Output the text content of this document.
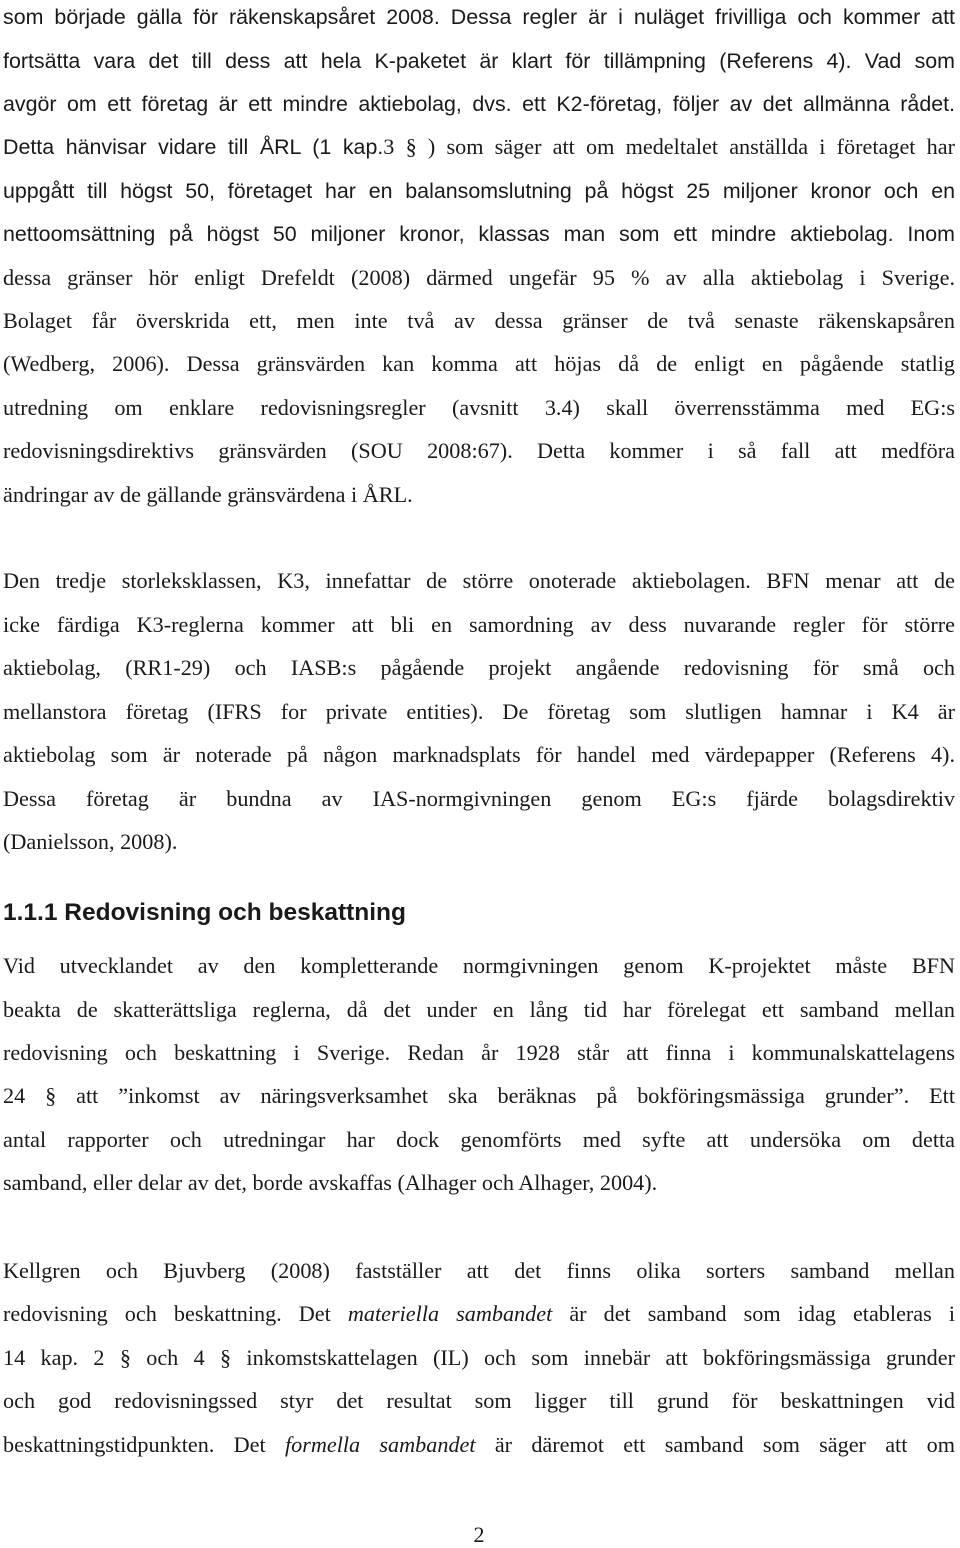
som började gälla för räkenskapsåret 2008. Dessa regler är i nuläget frivilliga och kommer att
fortsätta vara det till dess att hela K-paketet är klart för tillämpning (Referens 4). Vad som
avgör om ett företag är ett mindre aktiebolag, dvs. ett K2-företag, följer av det allmänna rådet.
Detta hänvisar vidare till ÅRL (1 kap.3 § ) som säger att om medeltalet anställda i företaget har
uppgått till högst 50, företaget har en balansomslutning på högst 25 miljoner kronor och en
nettoomsättning på högst 50 miljoner kronor, klassas man som ett mindre aktiebolag. Inom
dessa gränser hör enligt Drefeldt (2008) därmed ungefär 95 % av alla aktiebolag i Sverige.
Bolaget får överskrida ett, men inte två av dessa gränser de två senaste räkenskapsåren
(Wedberg, 2006). Dessa gränsvärden kan komma att höjas då de enligt en pågående statlig
utredning om enklare redovisningsregler (avsnitt 3.4) skall överrensstämma med EG:s
redovisningsdirektivs gränsvärden (SOU 2008:67). Detta kommer i så fall att medföra
ändringar av de gällande gränsvärdena i ÅRL.
Den tredje storleksklassen, K3, innefattar de större onoterade aktiebolagen. BFN menar att de
icke färdiga K3-reglerna kommer att bli en samordning av dess nuvarande regler för större
aktiebolag, (RR1-29) och IASB:s pågående projekt angående redovisning för små och
mellanstora företag (IFRS for private entities). De företag som slutligen hamnar i K4 är
aktiebolag som är noterade på någon marknadsplats för handel med värdepapper (Referens 4).
Dessa företag är bundna av IAS-normgivningen genom EG:s fjärde bolagsdirektiv
(Danielsson, 2008).
1.1.1 Redovisning och beskattning
Vid utvecklandet av den kompletterande normgivningen genom K-projektet måste BFN
beakta de skatterättsliga reglerna, då det under en lång tid har förelegat ett samband mellan
redovisning och beskattning i Sverige. Redan år 1928 står att finna i kommunalskattelagens
24 § att ”inkomst av näringsverksamhet ska beräknas på bokföringsmässiga grunder”. Ett
antal rapporter och utredningar har dock genomförts med syfte att undersöka om detta
samband, eller delar av det, borde avskaffas (Alhager och Alhager, 2004).
Kellgren och Bjuvberg (2008) fastställer att det finns olika sorters samband mellan
redovisning och beskattning. Det materiella sambandet är det samband som idag etableras i
14 kap. 2 § och 4 § inkomstskattelagen (IL) och som innebär att bokföringsmässiga grunder
och god redovisningssed styr det resultat som ligger till grund för beskattningen vid
beskattningstidpunkten. Det formella sambandet är däremot ett samband som säger att om
2
